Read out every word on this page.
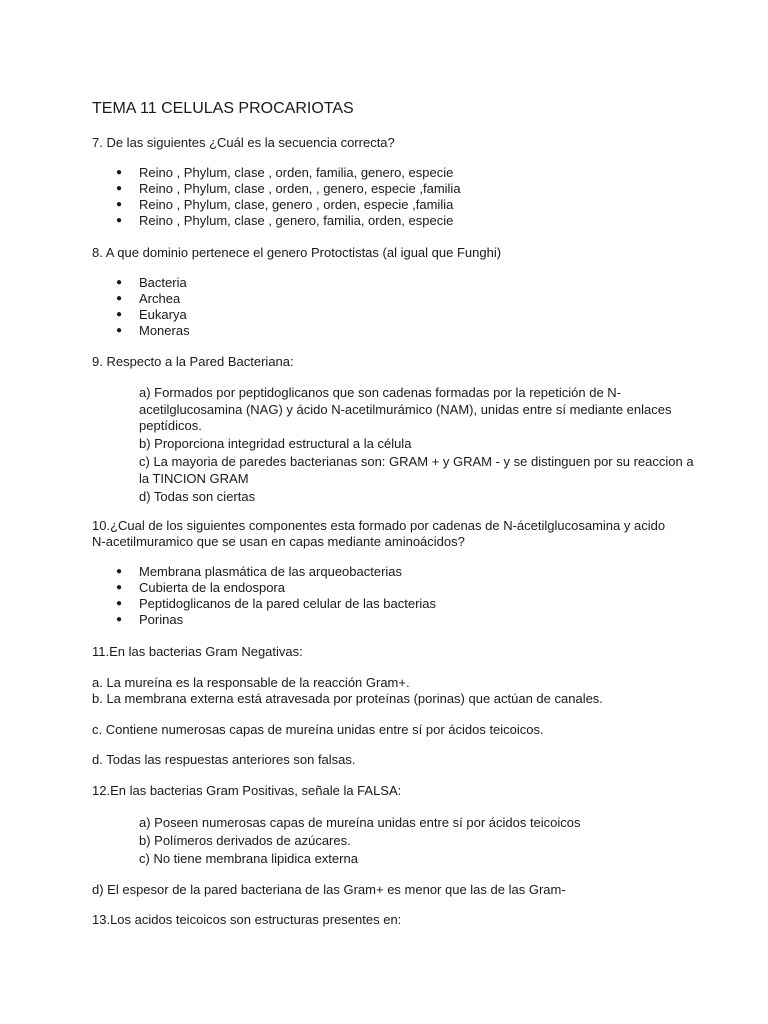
TEMA 11 CELULAS PROCARIOTAS
7. De las siguientes ¿Cuál es la secuencia correcta?
● Reino , Phylum, clase , orden, familia, genero, especie
● Reino , Phylum, clase , orden, , genero, especie ,familia
● Reino , Phylum, clase, genero , orden, especie ,familia
● Reino , Phylum, clase , genero, familia, orden, especie
8. A que dominio pertenece el genero Protoctistas (al igual que Funghi)
● Bacteria
● Archea
● Eukarya
● Moneras
9. Respecto a la Pared Bacteriana:
a) Formados por peptidoglicanos que son cadenas formadas por la repetición de N-acetilglucosamina (NAG) y ácido N-acetilmurámico (NAM), unidas entre sí mediante enlaces peptídicos.
b) Proporciona integridad estructural a la célula
c) La mayoria de paredes bacterianas son: GRAM + y GRAM - y se distinguen por su reaccion a la TINCION GRAM
d) Todas son ciertas
10.¿Cual de los siguientes componentes esta formado por cadenas de N-ácetilglucosamina y acido
N-acetilmuramico que se usan en capas mediante aminoácidos?
● Membrana plasmática de las arqueobacterias
● Cubierta de la endospora
● Peptidoglicanos de la pared celular de las bacterias
● Porinas
11.En las bacterias Gram Negativas:
a. La mureína es la responsable de la reacción Gram+.
b. La membrana externa está atravesada por proteínas (porinas) que actúan de canales.
c. Contiene numerosas capas de mureína unidas entre sí por ácidos teicoicos.
d. Todas las respuestas anteriores son falsas.
12.En las bacterias Gram Positivas, señale la FALSA:
a) Poseen numerosas capas de mureína unidas entre sí por ácidos teicoicos
b) Polímeros derivados de azúcares.
c) No tiene membrana lipidica externa
d) El espesor de la pared bacteriana de las Gram+ es menor que las de las Gram-
13.Los acidos teicoicos son estructuras presentes en:
